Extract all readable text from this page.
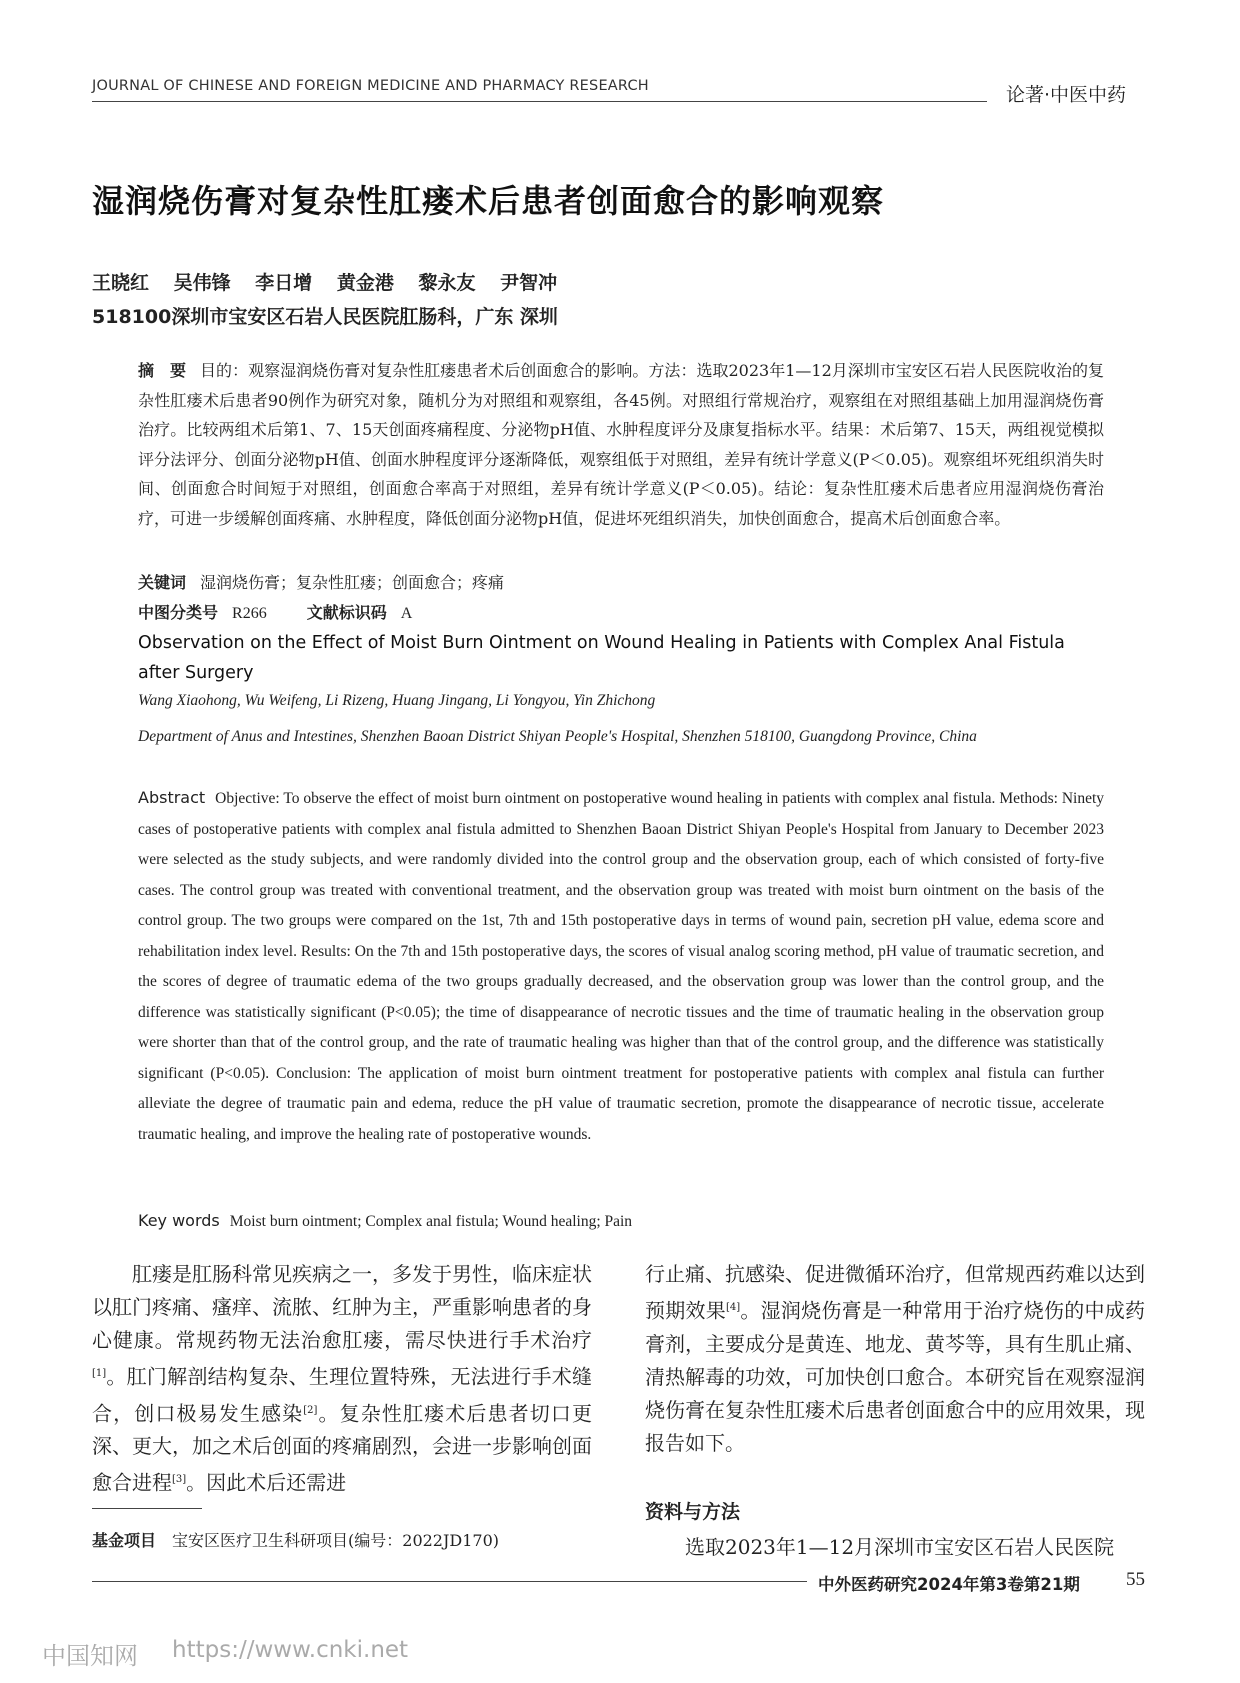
JOURNAL OF CHINESE AND FOREIGN MEDICINE AND PHARMACY RESEARCH	论著·中医中药
湿润烧伤膏对复杂性肛瘘术后患者创面愈合的影响观察
王晓红 吴伟锋 李日增 黄金港 黎永友 尹智冲
518100深圳市宝安区石岩人民医院肛肠科，广东 深圳
摘　要 目的：观察湿润烧伤膏对复杂性肛瘘患者术后创面愈合的影响。方法：选取2023年1—12月深圳市宝安区石岩人民医院收治的复杂性肛瘘术后患者90例作为研究对象，随机分为对照组和观察组，各45例。对照组行常规治疗，观察组在对照组基础上加用湿润烧伤膏治疗。比较两组术后第1、7、15天创面疼痛程度、分泌物pH值、水肿程度评分及康复指标水平。结果：术后第7、15天，两组视觉模拟评分法评分、创面分泌物pH值、创面水肿程度评分逐渐降低，观察组低于对照组，差异有统计学意义(P＜0.05)。观察组坏死组织消失时间、创面愈合时间短于对照组，创面愈合率高于对照组，差异有统计学意义(P＜0.05)。结论：复杂性肛瘘术后患者应用湿润烧伤膏治疗，可进一步缓解创面疼痛、水肿程度，降低创面分泌物pH值，促进坏死组织消失，加快创面愈合，提高术后创面愈合率。
关键词 湿润烧伤膏；复杂性肛瘘；创面愈合；疼痛
中图分类号 R266	文献标识码 A
Observation on the Effect of Moist Burn Ointment on Wound Healing in Patients with Complex Anal Fistula after Surgery
Wang Xiaohong, Wu Weifeng, Li Rizeng, Huang Jingang, Li Yongyou, Yin Zhichong
Department of Anus and Intestines, Shenzhen Baoan District Shiyan People's Hospital, Shenzhen 518100, Guangdong Province, China
Abstract Objective: To observe the effect of moist burn ointment on postoperative wound healing in patients with complex anal fistula. Methods: Ninety cases of postoperative patients with complex anal fistula admitted to Shenzhen Baoan District Shiyan People's Hospital from January to December 2023 were selected as the study subjects, and were randomly divided into the control group and the observation group, each of which consisted of forty-five cases. The control group was treated with conventional treatment, and the observation group was treated with moist burn ointment on the basis of the control group. The two groups were compared on the 1st, 7th and 15th postoperative days in terms of wound pain, secretion pH value, edema score and rehabilitation index level. Results: On the 7th and 15th postoperative days, the scores of visual analog scoring method, pH value of traumatic secretion, and the scores of degree of traumatic edema of the two groups gradually decreased, and the observation group was lower than the control group, and the difference was statistically significant (P<0.05); the time of disappearance of necrotic tissues and the time of traumatic healing in the observation group were shorter than that of the control group, and the rate of traumatic healing was higher than that of the control group, and the difference was statistically significant (P<0.05). Conclusion: The application of moist burn ointment treatment for postoperative patients with complex anal fistula can further alleviate the degree of traumatic pain and edema, reduce the pH value of traumatic secretion, promote the disappearance of necrotic tissue, accelerate traumatic healing, and improve the healing rate of postoperative wounds.
Key words Moist burn ointment; Complex anal fistula; Wound healing; Pain
肛瘘是肛肠科常见疾病之一，多发于男性，临床症状以肛门疼痛、瘙痒、流脓、红肿为主，严重影响患者的身心健康。常规药物无法治愈肛瘘，需尽快进行手术治疗[1]。肛门解剖结构复杂、生理位置特殊，无法进行手术缝合，创口极易发生感染[2]。复杂性肛瘘术后患者切口更深、更大，加之术后创面的疼痛剧烈，会进一步影响创面愈合进程[3]。因此术后还需进
行止痛、抗感染、促进微循环治疗，但常规西药难以达到预期效果[4]。湿润烧伤膏是一种常用于治疗烧伤的中成药膏剂，主要成分是黄连、地龙、黄芩等，具有生肌止痛、清热解毒的功效，可加快创口愈合。本研究旨在观察湿润烧伤膏在复杂性肛瘘术后患者创面愈合中的应用效果，现报告如下。
基金项目 宝安区医疗卫生科研项目(编号：2022JD170)
资料与方法
选取2023年1—12月深圳市宝安区石岩人民医院
中外医药研究2024年第3卷第21期 55
中国知网 https://www.cnki.net
